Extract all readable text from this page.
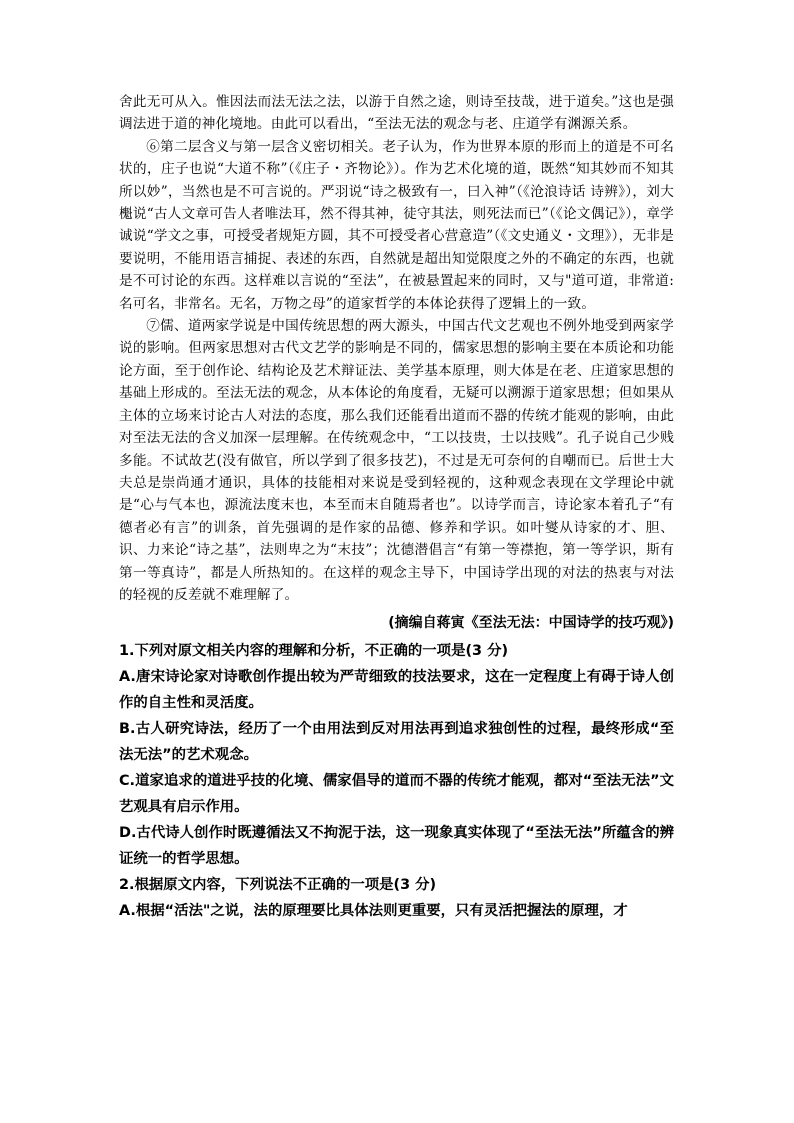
舍此无可从入。惟因法而法无法之法，以游于自然之途，则诗至技哉，进于道矣。”这也是强调法进于道的神化境地。由此可以看出，“至法无法的观念与老、庄道学有渊源关系。

⑥第二层含义与第一层含义密切相关。老子认为，作为世界本原的形而上的道是不可名状的，庄子也说“大道不称”（《庄子・齐物论》）。作为艺术化境的道，既然“知其妙而不知其所以妙”，当然也是不可言说的。严羽说“诗之极致有一，曰入神”（《沧浪诗话 诗辨》），刘大櫆说“古人文章可告人者唯法耳，然不得其神，徒守其法，则死法而已”（《论文偶记》），章学诚说“学文之事，可授受者规矩方圆，其不可授受者心营意造”（《文史通义・文理》），无非是要说明，不能用语言捕捉、表述的东西，自然就是超出知觉限度之外的不确定的东西，也就是不可讨论的东西。这样难以言说的“至法”，在被悬置起来的同时，又与"道可道，非常道:名可名，非常名。无名，万物之母”的道家哲学的本体论获得了逻辑上的一致。

⑦儒、道两家学说是中国传统思想的两大源头，中国古代文艺观也不例外地受到两家学说的影响。但两家思想对古代文艺学的影响是不同的，儒家思想的影响主要在本质论和功能论方面，至于创作论、结构论及艺术辩证法、美学基本原理，则大体是在老、庄道家思想的基础上形成的。至法无法的观念，从本体论的角度看，无疑可以溯源于道家思想；但如果从主体的立场来讨论古人对法的态度，那么我们还能看出道而不器的传统才能观的影响，由此对至法无法的含义加深一层理解。在传统观念中，“工以技贵，士以技贱”。孔子说自己少贱多能。不试故艺(没有做官，所以学到了很多技艺)，不过是无可奈何的自嘲而已。后世士大夫总是崇尚通才通识，具体的技能相对来说是受到轻视的，这种观念表现在文学理论中就是“心与气本也，源流法度末也，本至而末自随焉者也”。以诗学而言，诗论家本着孔子“有德者必有言”的训条，首先强调的是作家的品德、修养和学识。如叶燮从诗家的才、胆、识、力来论“诗之基”，法则卑之为“末技”；沈德潜倡言“有第一等襟抱，第一等学识，斯有第一等真诗”，都是人所热知的。在这样的观念主导下，中国诗学出现的对法的热衷与对法的轻视的反差就不难理解了。

(摘编自蒋寅《至法无法：中国诗学的技巧观》)

1.下列对原文相关内容的理解和分析，不正确的一项是(3 分)

A.唐宋诗论家对诗歌创作提出较为严苛细致的技法要求，这在一定程度上有碍于诗人创作的自主性和灵活度。

B.古人研究诗法，经历了一个由用法到反对用法再到追求独创性的过程，最终形成“至法无法”的艺术观念。

C.道家追求的道进乎技的化境、儒家倡导的道而不器的传统才能观，都对“至法无法”文艺观具有启示作用。

D.古代诗人创作时既遵循法又不拘泥于法，这一现象真实体现了“至法无法”所蕴含的辨证统一的哲学思想。

2.根据原文内容，下列说法不正确的一项是(3 分)

A.根据“活法"之说，法的原理要比具体法则更重要，只有灵活把握法的原理，才
